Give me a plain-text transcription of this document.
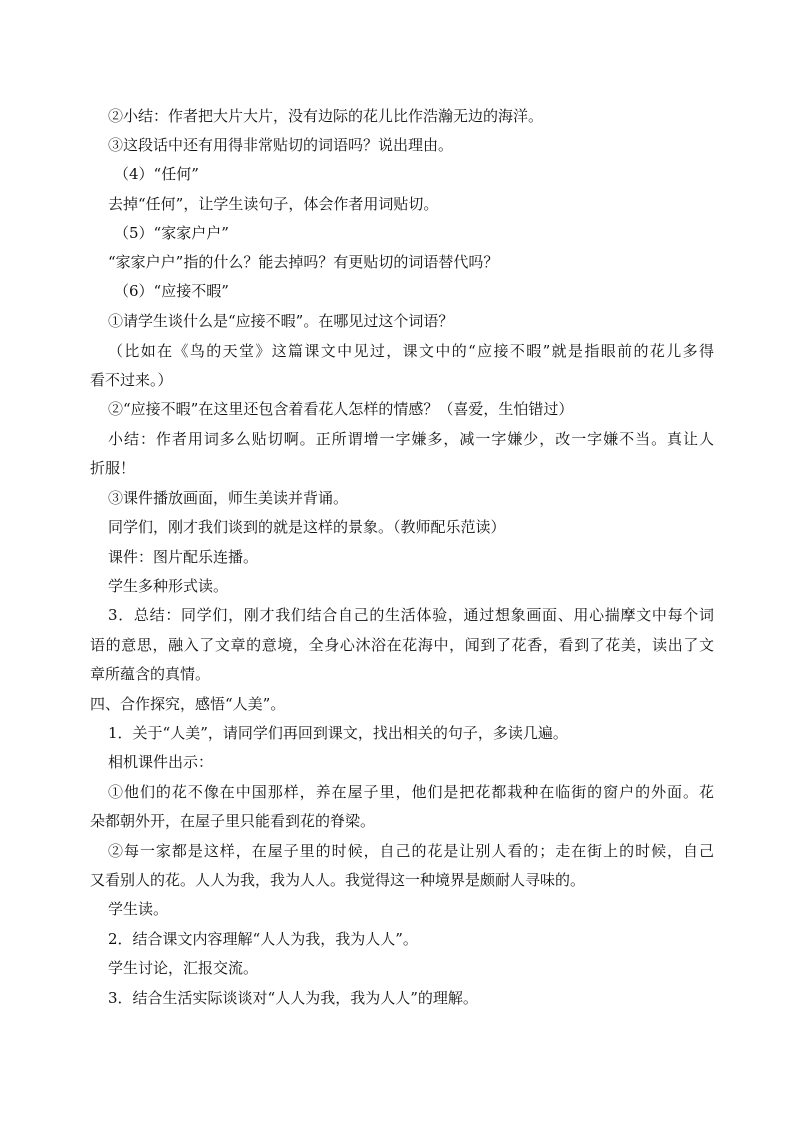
②小结：作者把大片大片，没有边际的花儿比作浩瀚无边的海洋。
③这段话中还有用得非常贴切的词语吗？说出理由。
（4）“任何”
去掉“任何”，让学生读句子，体会作者用词贴切。
（5）“家家户户”
“家家户户”指的什么？能去掉吗？有更贴切的词语替代吗？
（6）“应接不暇”
①请学生谈什么是“应接不暇”。在哪见过这个词语？
（比如在《鸟的天堂》这篇课文中见过，课文中的“应接不暇”就是指眼前的花儿多得
看不过来。）
②“应接不暇”在这里还包含着看花人怎样的情感？（喜爱，生怕错过）
小结：作者用词多么贴切啊。正所谓增一字嫌多，减一字嫌少，改一字嫌不当。真让人
折服！
③课件播放画面，师生美读并背诵。
同学们，刚才我们谈到的就是这样的景象。（教师配乐范读）
课件：图片配乐连播。
学生多种形式读。
3．总结：同学们，刚才我们结合自己的生活体验，通过想象画面、用心揣摩文中每个词
语的意思，融入了文章的意境，全身心沐浴在花海中，闻到了花香，看到了花美，读出了文
章所蕴含的真情。
四、合作探究，感悟“人美”。
1．关于“人美”，请同学们再回到课文，找出相关的句子，多读几遍。
相机课件出示：
①他们的花不像在中国那样，养在屋子里，他们是把花都栽种在临街的窗户的外面。花
朵都朝外开，在屋子里只能看到花的脊梁。
②每一家都是这样，在屋子里的时候，自己的花是让别人看的；走在街上的时候，自己
又看别人的花。人人为我，我为人人。我觉得这一种境界是颇耐人寻味的。
学生读。
2．结合课文内容理解“人人为我，我为人人”。
学生讨论，汇报交流。
3．结合生活实际谈谈对“人人为我，我为人人”的理解。
